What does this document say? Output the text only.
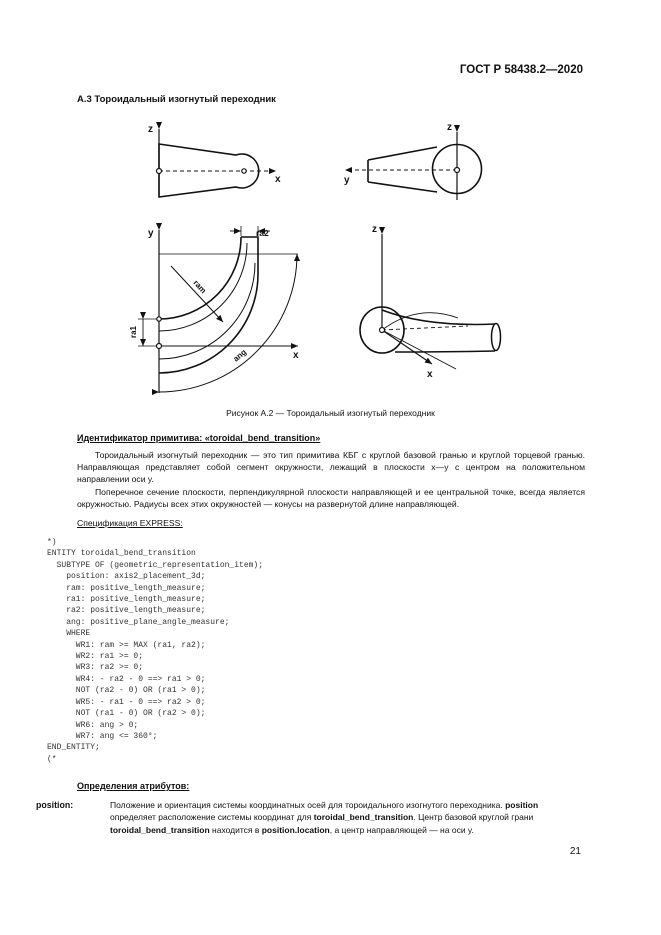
ГОСТ Р 58438.2—2020
А.3 Тороидальный изогнутый переходник
z
x
z
y
y
x
ra2
ra1
ram
ang
z
x
Рисунок А.2 — Тороидальный изогнутый переходник
Идентификатор примитива: «toroidal_bend_transition»

Тороидальный изогнутый переходник — это тип примитива КБГ с круглой базовой гранью и круглой торцевой гранью. Направляющая представляет собой сегмент окружности, лежащий в плоскости x—y с центром на положительном направлении оси y.

Поперечное сечение плоскости, перпендикулярной плоскости направляющей и ее центральной точке, всегда является окружностью. Радиусы всех этих окружностей — конусы на развернутой длине направляющей.

Спецификация EXPRESS:
*)
ENTITY toroidal_bend_transition
SUBTYPE OF (geometric_representation_item);
position: axis2_placement_3d;
ram: positive_length_measure;
ra1: positive_length_measure;
ra2: positive_length_measure;
ang: positive_plane_angle_measure;
WHERE
WR1: ram >= MAX (ra1, ra2);
WR2: ra1 >= 0;
WR3: ra2 >= 0;
WR4: - ra2 - 0 ==> ra1 > 0;
NOT (ra2 - 0) OR (ra1 > 0);
WR5: - ra1 - 0 ==> ra2 > 0;
NOT (ra1 - 0) OR (ra2 > 0);
WR6: ang > 0;
WR7: ang <= 360°;
END_ENTITY;
(*
Определения атрибутов:
position:	Положение и ориентация системы координатных осей для тороидального изогнутого переходника. position определяет расположение системы координат для toroidal_bend_transition. Центр базовой круглой грани toroidal_bend_transition находится в position.location, а центр направляющей — на оси y.
21
